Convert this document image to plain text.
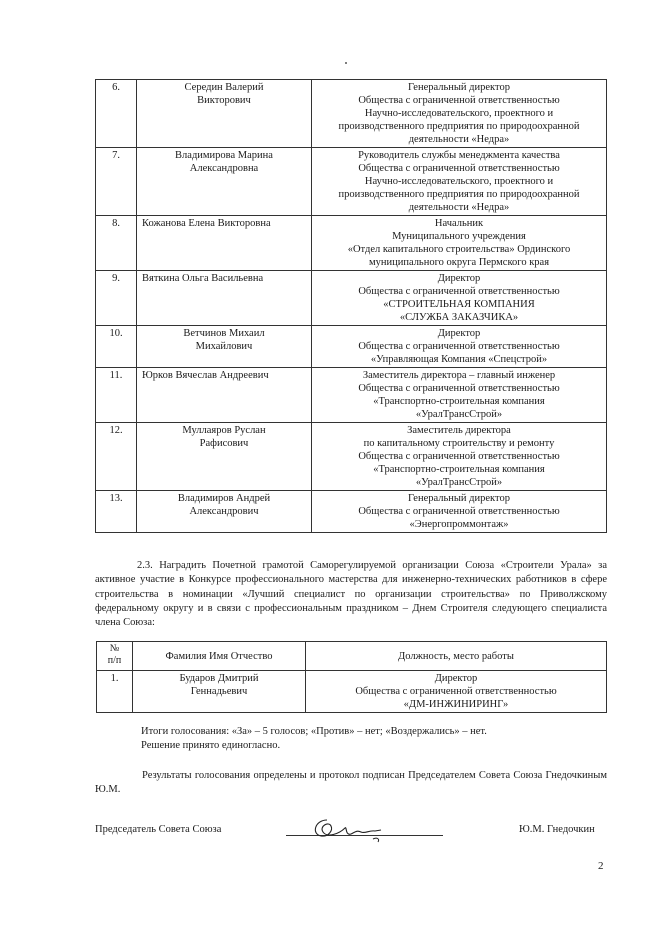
6.	Середин Валерий
Викторович	Генеральный директор
Общества с ограниченной ответственностью
Научно-исследовательского, проектного и
производственного предприятия по природоохранной
деятельности «Недра»
7.	Владимирова Марина
Александровна	Руководитель службы менеджмента качества
Общества с ограниченной ответственностью
Научно-исследовательского, проектного и
производственного предприятия по природоохранной
деятельности «Недра»
8.	Кожанова Елена Викторовна	Начальник
Муниципального учреждения
«Отдел капитального строительства» Ординского
муниципального округа Пермского края
9.	Вяткина Ольга Васильевна	Директор
Общества с ограниченной ответственностью
«СТРОИТЕЛЬНАЯ КОМПАНИЯ
«СЛУЖБА ЗАКАЗЧИКА»
10.	Ветчинов Михаил
Михайлович	Директор
Общества с ограниченной ответственностью
«Управляющая Компания «Спецстрой»
11.	Юрков Вячеслав Андреевич	Заместитель директора – главный инженер
Общества с ограниченной ответственностью
«Транспортно-строительная компания
«УралТрансСтрой»
12.	Муллаяров Руслан
Рафисович	Заместитель директора
по капитальному строительству и ремонту
Общества с ограниченной ответственностью
«Транспортно-строительная компания
«УралТрансСтрой»
13.	Владимиров Андрей
Александрович	Генеральный директор
Общества с ограниченной ответственностью
«Энергопроммонтаж»
2.3. Наградить Почетной грамотой Саморегулируемой организации Союза «Строители Урала» за активное участие в Конкурсе профессионального мастерства для инженерно-технических работников в сфере строительства в номинации «Лучший специалист по организации строительства» по Приволжскому федеральному округу и в связи с профессиональным праздником – Днем Строителя следующего специалиста члена Союза:
№
п/п	Фамилия Имя Отчество	Должность, место работы
1.	Бударов Дмитрий
Геннадьевич	Директор
Общества с ограниченной ответственностью
«ДМ-ИНЖИНИРИНГ»
Итоги голосования: «За» – 5 голосов; «Против» – нет; «Воздержались» – нет.
Решение принято единогласно.
Результаты голосования определены и протокол подписан Председателем Совета Союза Гнедочкиным Ю.М.
Председатель Совета Союза	Ю.М. Гнедочкин
2
